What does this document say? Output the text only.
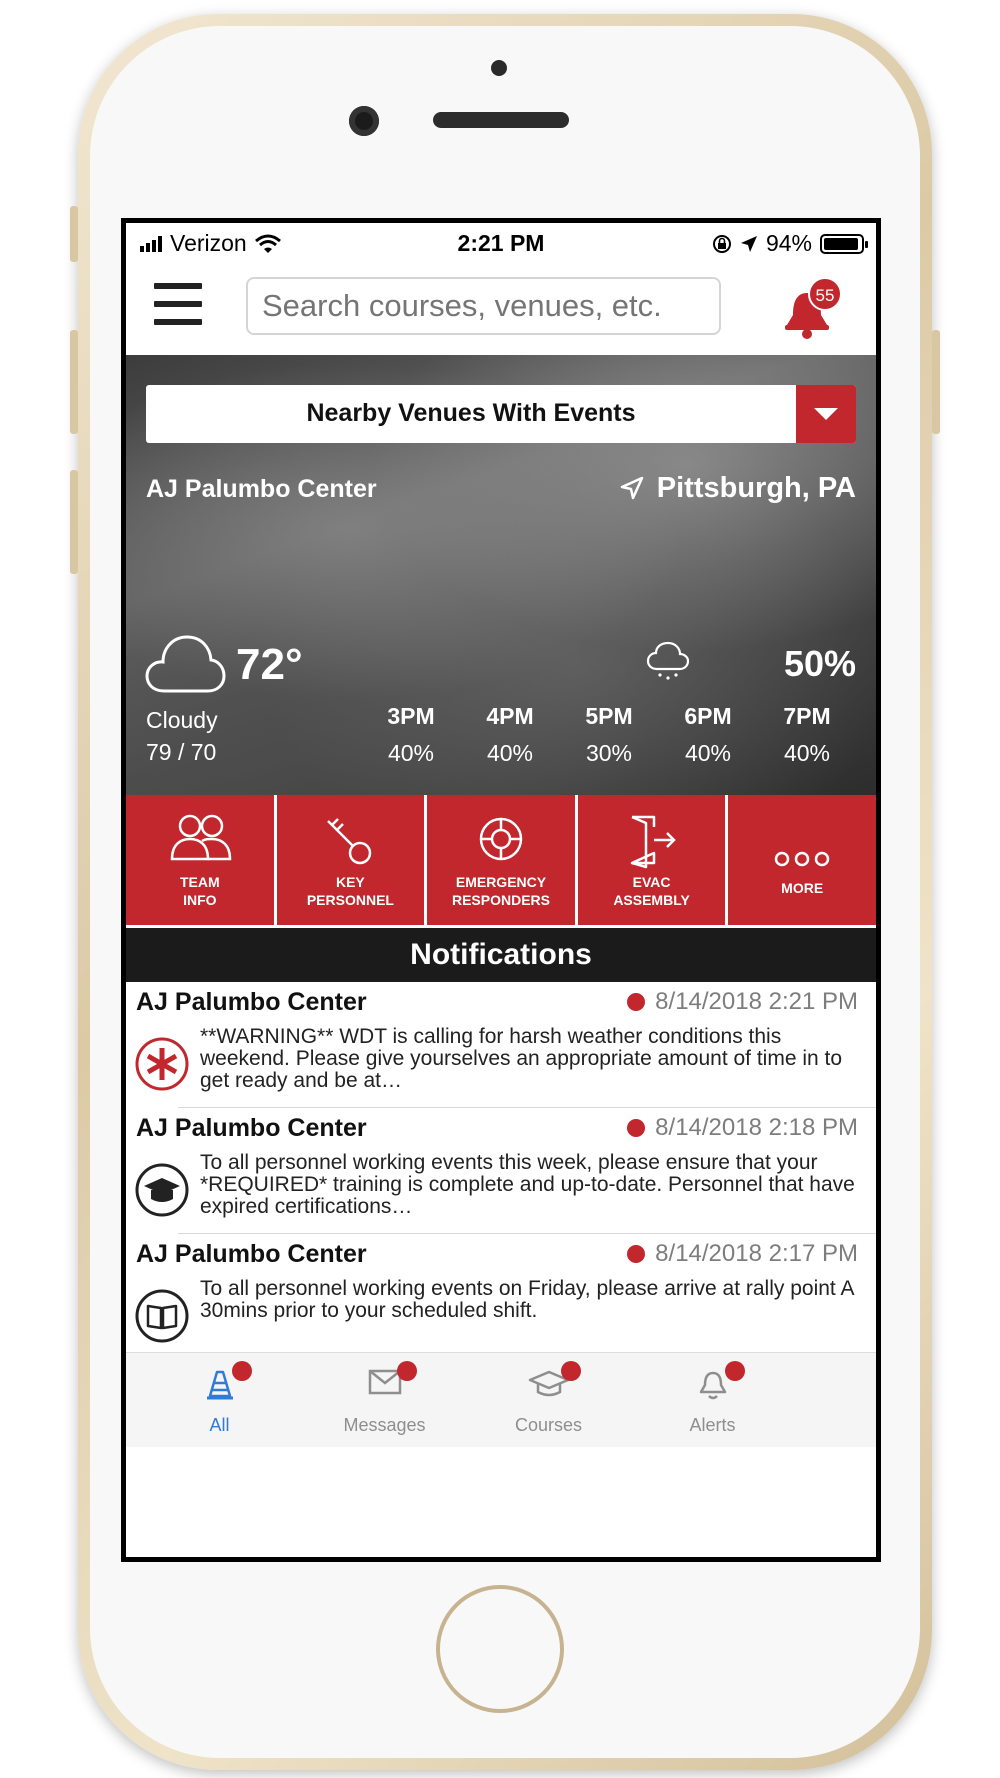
Verizon	2:21 PM	94%
Search courses, venues, etc.
55
Nearby Venues With Events
AJ Palumbo Center	Pittsburgh, PA
72°
Cloudy
79 / 70
50%
3PM
40%
4PM
40%
5PM
30%
6PM
40%
7PM
40%
TEAM
INFO
KEY
PERSONNEL
EMERGENCY
RESPONDERS
EVAC
ASSEMBLY
MORE
Notifications
AJ Palumbo Center	8/14/2018 2:21 PM
**WARNING** WDT is calling for harsh weather conditions this weekend. Please give yourselves an appropriate amount of time in to get ready and be at…
AJ Palumbo Center	8/14/2018 2:18 PM
To all personnel working events this week, please ensure that your *REQUIRED* training is complete and up-to-date. Personnel that have expired certifications…
AJ Palumbo Center	8/14/2018 2:17 PM
To all personnel working events on Friday, please arrive at rally point A 30mins prior to your scheduled shift.
All	Messages	Courses	Alerts
